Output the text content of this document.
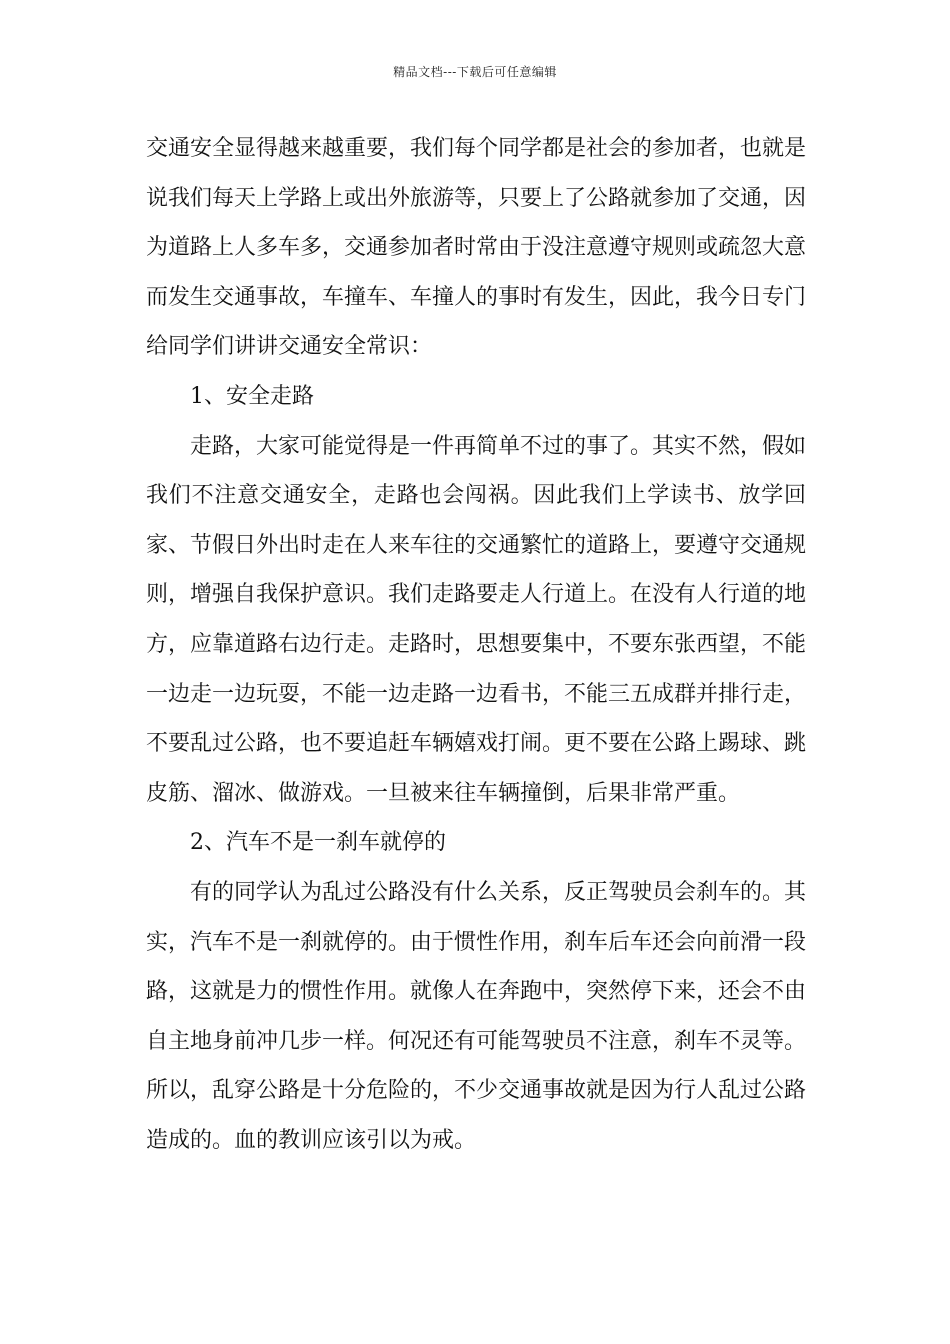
精品文档---下载后可任意编辑

交通安全显得越来越重要，我们每个同学都是社会的参加者，也就是说我们每天上学路上或出外旅游等，只要上了公路就参加了交通，因为道路上人多车多，交通参加者时常由于没注意遵守规则或疏忽大意而发生交通事故，车撞车、车撞人的事时有发生，因此，我今日专门给同学们讲讲交通安全常识：

1、安全走路

走路，大家可能觉得是一件再简单不过的事了。其实不然，假如我们不注意交通安全，走路也会闯祸。因此我们上学读书、放学回家、节假日外出时走在人来车往的交通繁忙的道路上，要遵守交通规则，增强自我保护意识。我们走路要走人行道上。在没有人行道的地方，应靠道路右边行走。走路时，思想要集中，不要东张西望，不能一边走一边玩耍，不能一边走路一边看书，不能三五成群并排行走，不要乱过公路，也不要追赶车辆嬉戏打闹。更不要在公路上踢球、跳皮筋、溜冰、做游戏。一旦被来往车辆撞倒，后果非常严重。

2、汽车不是一刹车就停的

有的同学认为乱过公路没有什么关系，反正驾驶员会刹车的。其实，汽车不是一刹就停的。由于惯性作用，刹车后车还会向前滑一段路，这就是力的惯性作用。就像人在奔跑中，突然停下来，还会不由自主地身前冲几步一样。何况还有可能驾驶员不注意，刹车不灵等。所以，乱穿公路是十分危险的，不少交通事故就是因为行人乱过公路造成的。血的教训应该引以为戒。
